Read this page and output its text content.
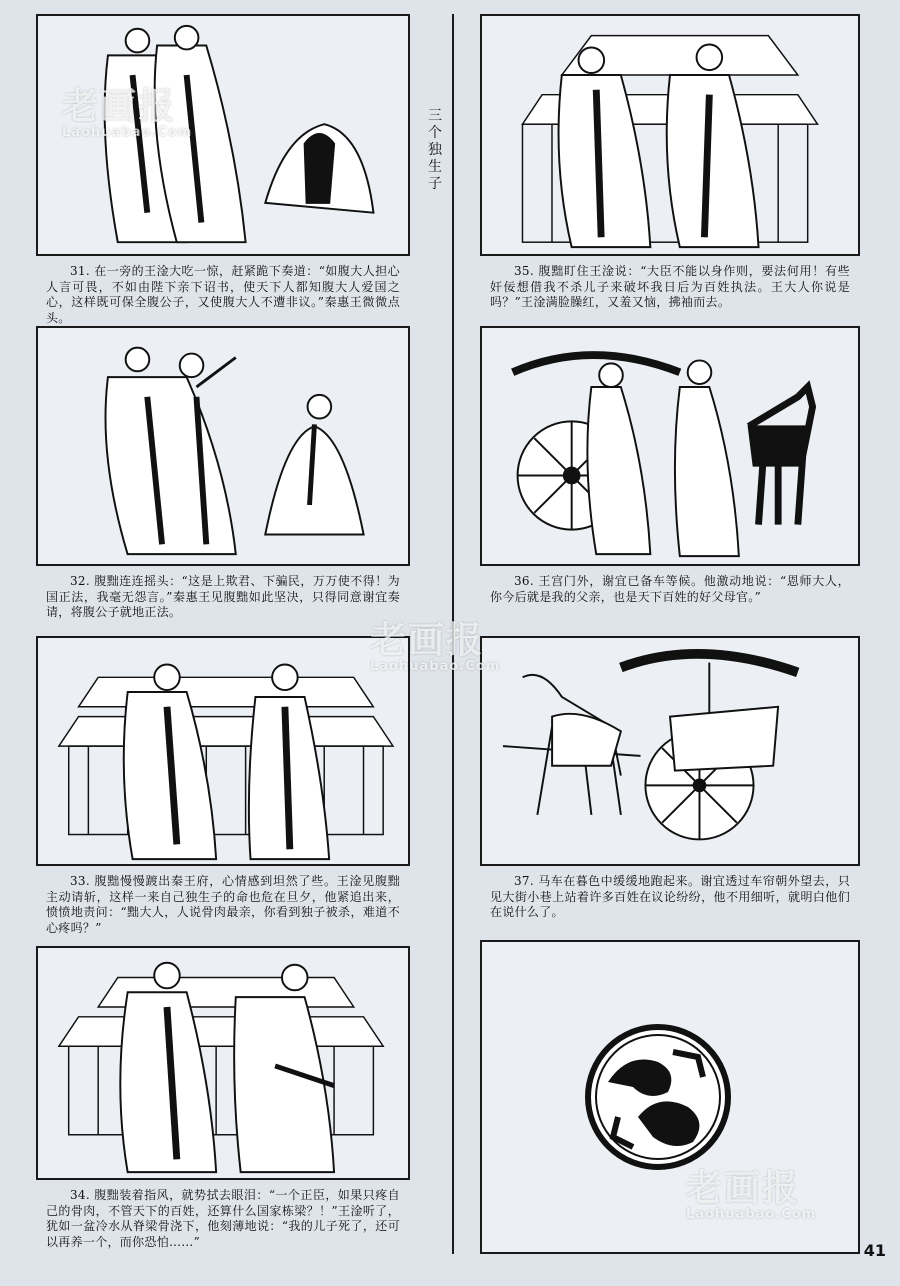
三个独生子
31. 在一旁的王淦大吃一惊，赶紧跪下奏道：“如腹大人担心人言可畏，不如由陛下亲下诏书，使天下人都知腹大人爱国之心，这样既可保全腹公子，又使腹大人不遭非议。”秦惠王微微点头。
32. 腹黜连连摇头：“这是上欺君、下骗民，万万使不得！为国正法，我毫无怨言。”秦惠王见腹黜如此坚决，只得同意谢宜奏请，将腹公子就地正法。
33. 腹黜慢慢踱出秦王府，心情感到坦然了些。王淦见腹黜主动请斩，这样一来自己独生子的命也危在旦夕，他紧追出来，愤愤地责问：“黜大人，人说骨肉最亲，你看到独子被杀，难道不心疼吗？”
34. 腹黜装着指风，就势拭去眼泪：“一个正臣，如果只疼自己的骨肉，不管天下的百姓，还算什么国家栋梁？！”王淦听了，犹如一盆冷水从脊梁骨浇下，他刻薄地说：“我的儿子死了，还可以再养一个，而你恐怕……”
35. 腹黜盯住王淦说：“大臣不能以身作则，要法何用！有些奸佞想借我不杀儿子来破坏我日后为百姓执法。王大人你说是吗？”王淦满脸臊红，又羞又恼，拂袖而去。
36. 王宫门外，谢宜已备车等候。他激动地说：“恩师大人，你今后就是我的父亲，也是天下百姓的好父母官。”
37. 马车在暮色中缓缓地跑起来。谢宜透过车帘朝外望去，只见大街小巷上站着许多百姓在议论纷纷，他不用细听，就明白他们在说什么了。
老画报
Laohuabao.Com
老画报
Laohuabao.Com
老画报
Laohuabao.Com
41
